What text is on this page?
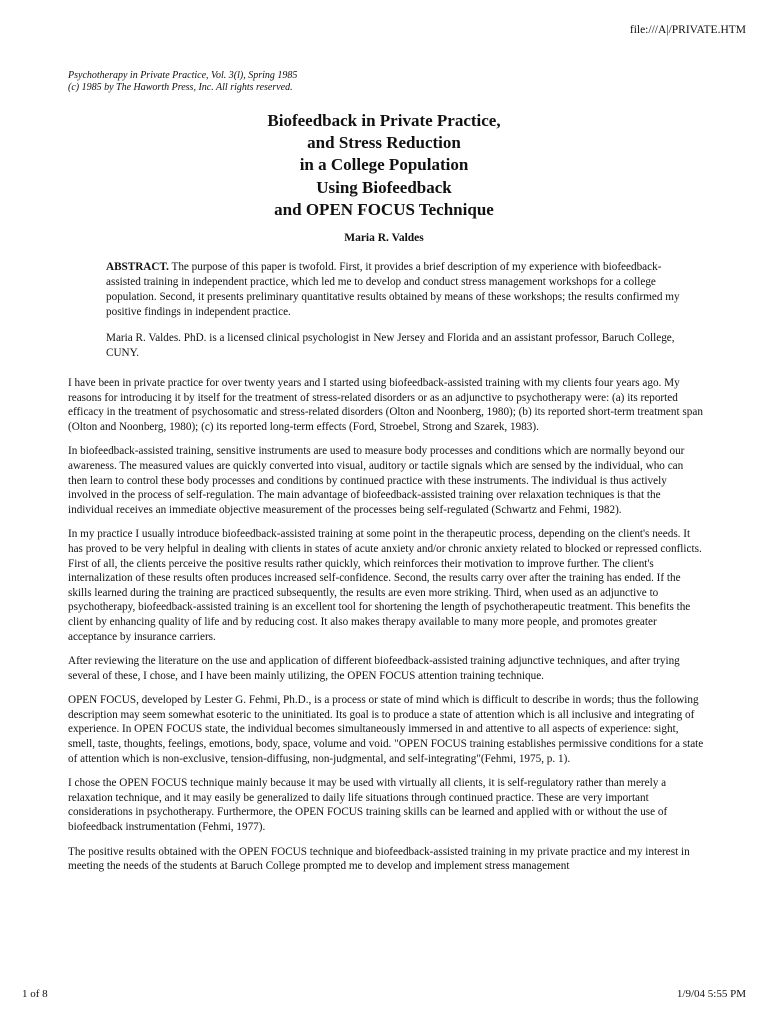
file:///A|/PRIVATE.HTM
Psychotherapy in Private Practice, Vol. 3(l), Spring 1985
(c) 1985 by The Haworth Press, Inc. All rights reserved.
Biofeedback in Private Practice,
and Stress Reduction
in a College Population
Using Biofeedback
and OPEN FOCUS Technique
Maria R. Valdes

ABSTRACT. The purpose of this paper is twofold. First, it provides a brief description of my experience with biofeedback-assisted training in independent practice, which led me to develop and conduct stress management workshops for a college population. Second, it presents preliminary quantitative results obtained by means of these workshops; the results confirmed my positive findings in independent practice.

Maria R. Valdes. PhD. is a licensed clinical psychologist in New Jersey and Florida and an assistant professor, Baruch College, CUNY.

I have been in private practice for over twenty years and I started using biofeedback-assisted training with my clients four years ago. My reasons for introducing it by itself for the treatment of stress-related disorders or as an adjunctive to psychotherapy were: (a) its reported efficacy in the treatment of psychosomatic and stress-related disorders (Olton and Noonberg, 1980); (b) its reported short-term treatment span (Olton and Noonberg, 1980); (c) its reported long-term effects (Ford, Stroebel, Strong and Szarek, 1983).

In biofeedback-assisted training, sensitive instruments are used to measure body processes and conditions which are normally beyond our awareness. The measured values are quickly converted into visual, auditory or tactile signals which are sensed by the individual, who can then learn to control these body processes and conditions by continued practice with these instruments. The individual is thus actively involved in the process of self-regulation. The main advantage of biofeedback-assisted training over relaxation techniques is that the individual receives an immediate objective measurement of the processes being self-regulated (Schwartz and Fehmi, 1982).

In my practice I usually introduce biofeedback-assisted training at some point in the therapeutic process, depending on the client's needs. It has proved to be very helpful in dealing with clients in states of acute anxiety and/or chronic anxiety related to blocked or repressed conflicts. First of all, the clients perceive the positive results rather quickly, which reinforces their motivation to improve further. The client's internalization of these results often produces increased self-confidence. Second, the results carry over after the training has ended. If the skills learned during the training are practiced subsequently, the results are even more striking. Third, when used as an adjunctive to psychotherapy, biofeedback-assisted training is an excellent tool for shortening the length of psychotherapeutic treatment. This benefits the client by enhancing quality of life and by reducing cost. It also makes therapy available to many more people, and promotes greater acceptance by insurance carriers.

After reviewing the literature on the use and application of different biofeedback-assisted training adjunctive techniques, and after trying several of these, I chose, and I have been mainly utilizing, the OPEN FOCUS attention training technique.

OPEN FOCUS, developed by Lester G. Fehmi, Ph.D., is a process or state of mind which is difficult to describe in words; thus the following description may seem somewhat esoteric to the uninitiated. Its goal is to produce a state of attention which is all inclusive and integrating of experience. In OPEN FOCUS state, the individual becomes simultaneously immersed in and attentive to all aspects of experience: sight, smell, taste, thoughts, feelings, emotions, body, space, volume and void. "OPEN FOCUS training establishes permissive conditions for a state of attention which is non-exclusive, tension-diffusing, non-judgmental, and self-integrating"(Fehmi, 1975, p. 1).

I chose the OPEN FOCUS technique mainly because it may be used with virtually all clients, it is self-regulatory rather than merely a relaxation technique, and it may easily be generalized to daily life situations through continued practice. These are very important considerations in psychotherapy. Furthermore, the OPEN FOCUS training skills can be learned and applied with or without the use of biofeedback instrumentation (Fehmi, 1977).

The positive results obtained with the OPEN FOCUS technique and biofeedback-assisted training in my private practice and my interest in meeting the needs of the students at Baruch College prompted me to develop and implement stress management

1 of 8	1/9/04 5:55 PM
